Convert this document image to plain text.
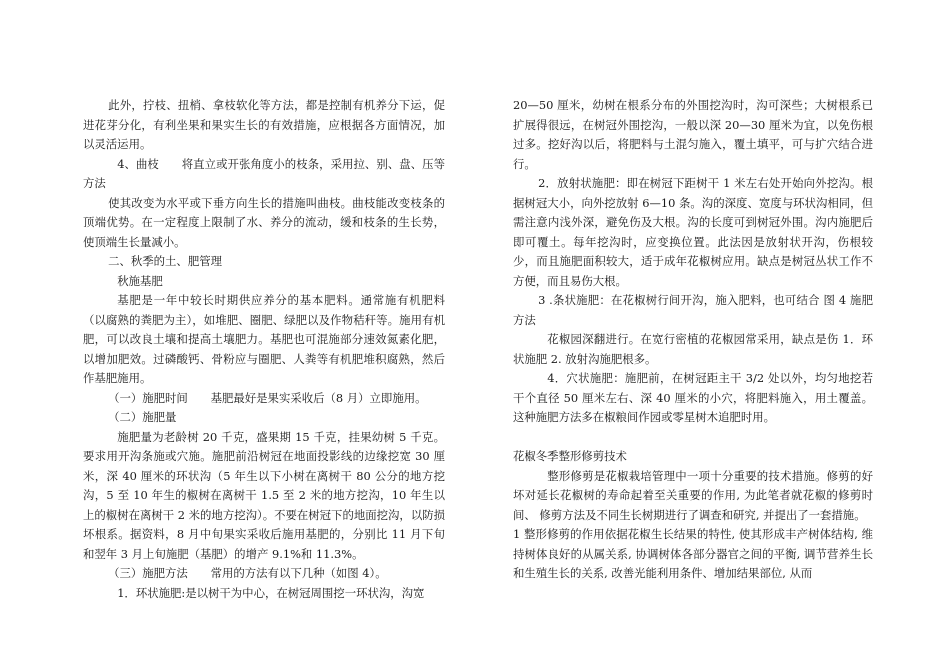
此外，拧枝、扭梢、拿枝软化等方法，都是控制有机养分下运，促进花芽分化，有利坐果和果实生长的有效措施，应根据各方面情况，加以灵活运用。

4、曲枝　　将直立或开张角度小的枝条，采用拉、别、盘、压等方法

使其改变为水平或下垂方向生长的措施叫曲枝。曲枝能改变枝条的顶端优势。在一定程度上限制了水、养分的流动，缓和枝条的生长势，使顶端生长量减小。

二、秋季的土、肥管理

秋施基肥

基肥是一年中较长时期供应养分的基本肥料。通常施有机肥料（以腐熟的粪肥为主），如堆肥、圈肥、绿肥以及作物秸秆等。施用有机肥，可以改良土壤和提高土壤肥力。基肥也可混施部分速效氮素化肥，以增加肥效。过磷酸钙、骨粉应与圈肥、人粪等有机肥堆积腐熟，然后作基肥施用。

（一）施肥时间　　基肥最好是果实采收后（8 月）立即施用。

（二）施肥量

施肥量为老龄树 20 千克，盛果期 15 千克，挂果幼树 5 千克。要求用开沟条施或穴施。施肥前沿树冠在地面投影线的边缘挖宽 30 厘米，深 40 厘米的环状沟（5 年生以下小树在离树干 80 公分的地方挖沟，5 至 10 年生的椒树在离树干 1.5 至 2 米的地方挖沟，10 年生以上的椒树在离树干 2 米的地方挖沟）。不要在树冠下的地面挖沟，以防损坏根系。据资料，8 月中旬果实采收后施用基肥的，分别比 11 月下旬和翌年 3 月上旬施肥（基肥）的增产 9.1%和 11.3%。

（三）施肥方法　　常用的方法有以下几种（如图 4）。

1．环状施肥:是以树干为中心，在树冠周围挖一环状沟，沟宽

20—50 厘米，幼树在根系分布的外围挖沟时，沟可深些；大树根系已扩展得很远，在树冠外围挖沟，一般以深 20—30 厘米为宜，以免伤根过多。挖好沟以后，将肥料与土混匀施入，覆土填平，可与扩穴结合进行。

2．放射状施肥：即在树冠下距树干 1 米左右处开始向外挖沟。根据树冠大小，向外挖放射 6—10 条。沟的深度、宽度与环状沟相同，但需注意内浅外深，避免伤及大根。沟的长度可到树冠外围。沟内施肥后即可覆土。每年挖沟时，应变换位置。此法因是放射状开沟，伤根较少，而且施肥面积较大，适于成年花椒树应用。缺点是树冠丛状工作不方便，而且易伤大根。

3 .条状施肥：在花椒树行间开沟，施入肥料，也可结合 图 4 施肥方法

花椒园深翻进行。在宽行密植的花椒园常采用，缺点是伤 1．环状施肥 2. 放射沟施肥根多。

4．穴状施肥：施肥前，在树冠距主干 3/2 处以外，均匀地挖若干个直径 50 厘米左右、深 40 厘米的小穴，将肥料施入，用土覆盖。这种施肥方法多在椒粮间作园或零星树木追肥时用。

花椒冬季整形修剪技术

整形修剪是花椒栽培管理中一项十分重要的技术措施。修剪的好坏对延长花椒树的寿命起着至关重要的作用, 为此笔者就花椒的修剪时间、 修剪方法及不同生长树期进行了调查和研究, 并提出了一套措施。

1 整形修剪的作用依据花椒生长结果的特性, 使其形成丰产树体结构, 维持树体良好的从属关系, 协调树体各部分器官之间的平衡, 调节营养生长和生殖生长的关系, 改善光能利用条件、增加结果部位, 从而
